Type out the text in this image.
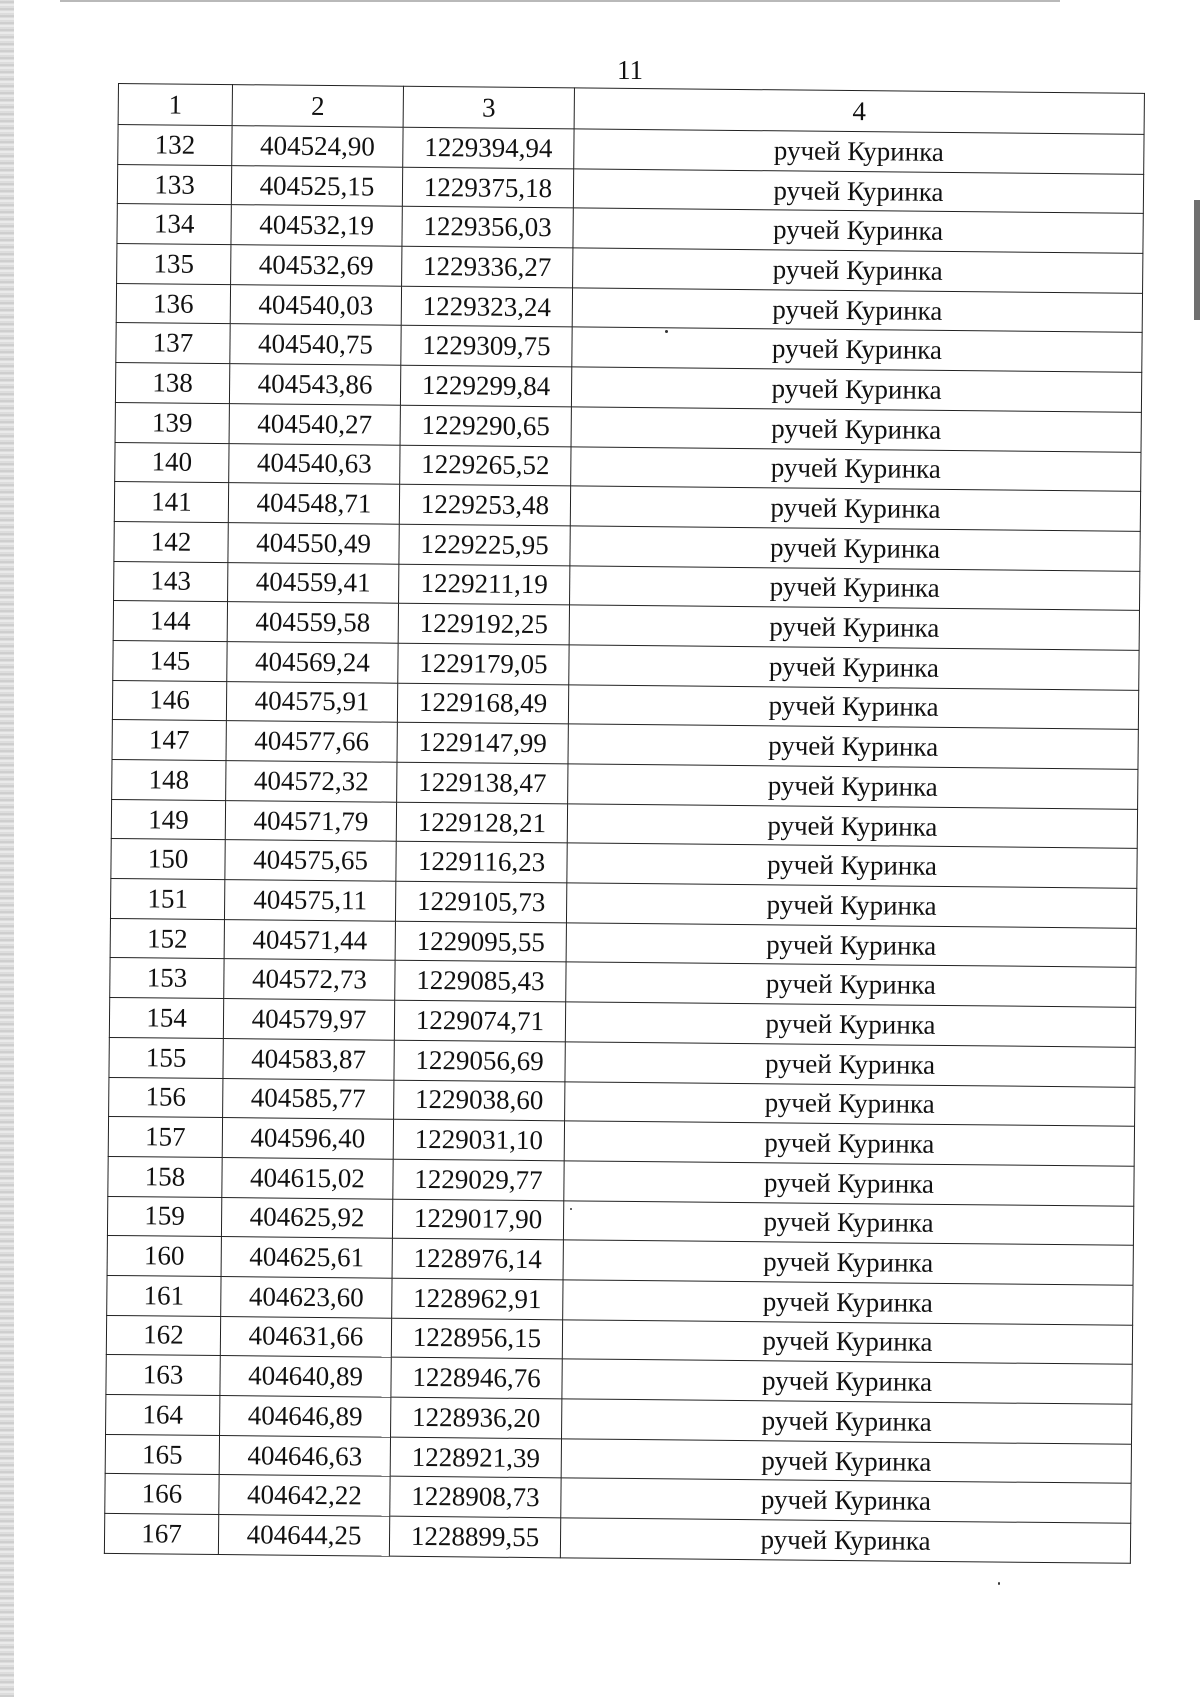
11
1	2	3	4
132	404524,90	1229394,94	ручей Куринка
133	404525,15	1229375,18	ручей Куринка
134	404532,19	1229356,03	ручей Куринка
135	404532,69	1229336,27	ручей Куринка
136	404540,03	1229323,24	ручей Куринка
137	404540,75	1229309,75	ручей Куринка
138	404543,86	1229299,84	ручей Куринка
139	404540,27	1229290,65	ручей Куринка
140	404540,63	1229265,52	ручей Куринка
141	404548,71	1229253,48	ручей Куринка
142	404550,49	1229225,95	ручей Куринка
143	404559,41	1229211,19	ручей Куринка
144	404559,58	1229192,25	ручей Куринка
145	404569,24	1229179,05	ручей Куринка
146	404575,91	1229168,49	ручей Куринка
147	404577,66	1229147,99	ручей Куринка
148	404572,32	1229138,47	ручей Куринка
149	404571,79	1229128,21	ручей Куринка
150	404575,65	1229116,23	ручей Куринка
151	404575,11	1229105,73	ручей Куринка
152	404571,44	1229095,55	ручей Куринка
153	404572,73	1229085,43	ручей Куринка
154	404579,97	1229074,71	ручей Куринка
155	404583,87	1229056,69	ручей Куринка
156	404585,77	1229038,60	ручей Куринка
157	404596,40	1229031,10	ручей Куринка
158	404615,02	1229029,77	ручей Куринка
159	404625,92	1229017,90	ручей Куринка
160	404625,61	1228976,14	ручей Куринка
161	404623,60	1228962,91	ручей Куринка
162	404631,66	1228956,15	ручей Куринка
163	404640,89	1228946,76	ручей Куринка
164	404646,89	1228936,20	ручей Куринка
165	404646,63	1228921,39	ручей Куринка
166	404642,22	1228908,73	ручей Куринка
167	404644,25	1228899,55	ручей Куринка
